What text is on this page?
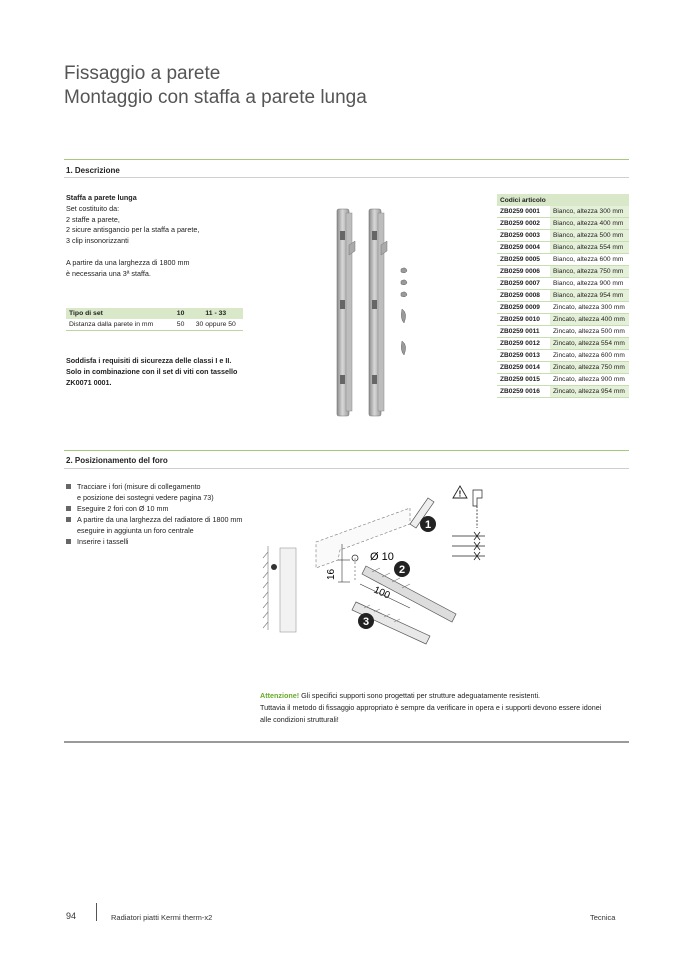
Fissaggio a parete
Montaggio con staffa a parete lunga
1. Descrizione
Staffa a parete lunga
Set costituito da:
2 staffe a parete,
2 sicure antisgancio per la staffa a parete,
3 clip insonorizzanti
A partire da una larghezza di 1800 mm
è necessaria una 3ª staffa.
Tipo di set	10	11 - 33
Distanza dalla parete in mm	50	30 oppure 50
Soddisfa i requisiti di sicurezza delle classi I e II.
Solo in combinazione con il set di viti con tassello
ZK0071 0001.
Codici articolo	
ZB0259 0001	Bianco, altezza 300 mm
ZB0259 0002	Bianco, altezza 400 mm
ZB0259 0003	Bianco, altezza 500 mm
ZB0259 0004	Bianco, altezza 554 mm
ZB0259 0005	Bianco, altezza 600 mm
ZB0259 0006	Bianco, altezza 750 mm
ZB0259 0007	Bianco, altezza 900 mm
ZB0259 0008	Bianco, altezza 954 mm
ZB0259 0009	Zincato, altezza 300 mm
ZB0259 0010	Zincato, altezza 400 mm
ZB0259 0011	Zincato, altezza 500 mm
ZB0259 0012	Zincato, altezza 554 mm
ZB0259 0013	Zincato, altezza 600 mm
ZB0259 0014	Zincato, altezza 750 mm
ZB0259 0015	Zincato, altezza 900 mm
ZB0259 0016	Zincato, altezza 954 mm
2. Posizionamento del foro
Tracciare i fori (misure di collegamento
e posizione dei sostegni vedere pagina 73)
Eseguire 2 fori con Ø 10 mm
A partire da una larghezza del radiatore di 1800 mm
eseguire in aggiunta un foro centrale
Inserire i tasselli
16
100
Ø 10
1
2
3
!
Attenzione! Gli specifici supporti sono progettati per strutture adeguatamente resistenti.
Tuttavia il metodo di fissaggio appropriato è sempre da verificare in opera e i supporti devono essere idonei
alle condizioni strutturali!
94	Radiatori piatti Kermi therm-x2	Tecnica
